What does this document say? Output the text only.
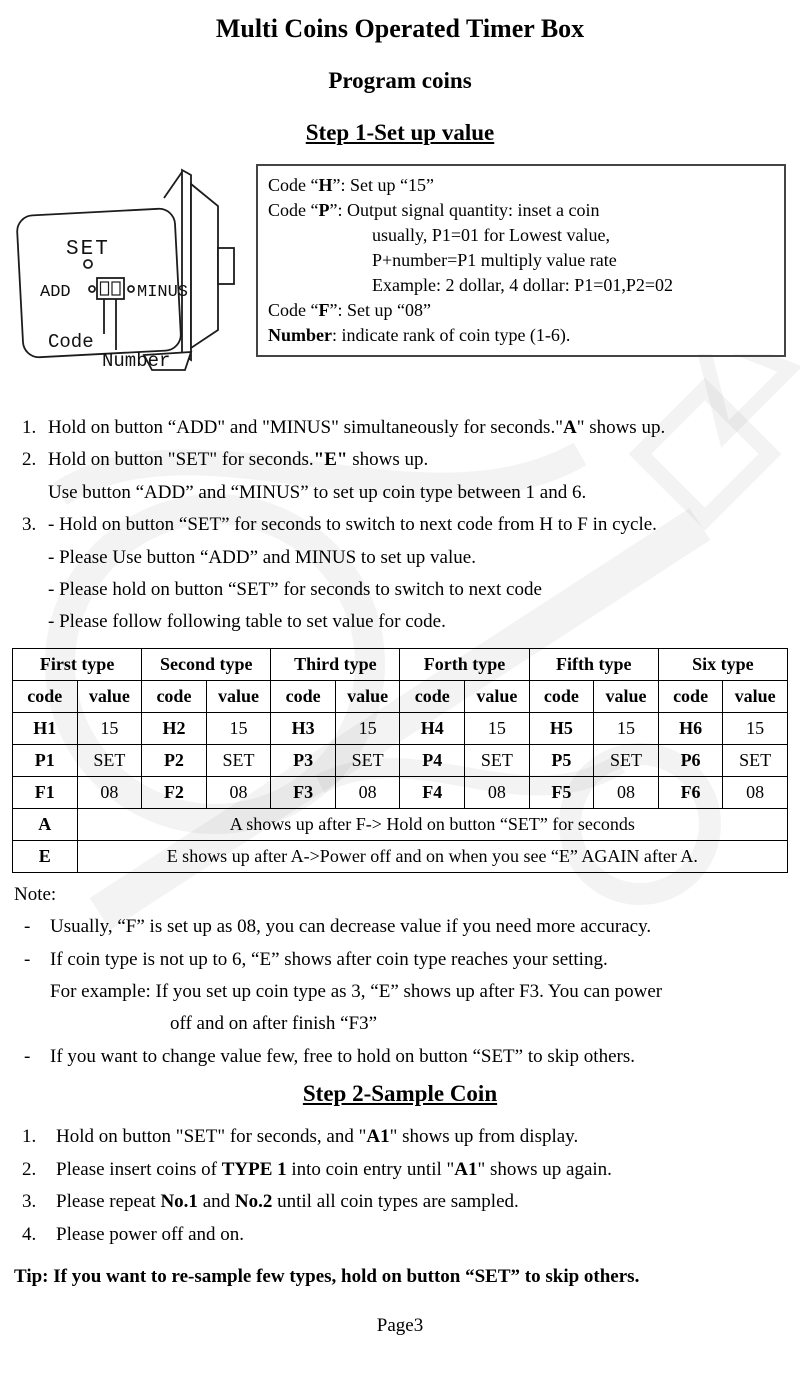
Multi Coins Operated Timer Box
Program coins
Step 1-Set up value
SET
ADD	MINUS
Code
Number
Code “H”: Set up “15”
Code “P”: Output signal quantity: inset a coin
usually, P1=01 for Lowest value,
P+number=P1 multiply value rate
Example: 2 dollar, 4 dollar: P1=01,P2=02
Code “F”: Set up “08”
Number: indicate rank of coin type (1-6).
1. Hold on button “ADD" and "MINUS" simultaneously for seconds."A" shows up.
2. Hold on button "SET" for seconds."E" shows up.
Use button “ADD” and “MINUS” to set up coin type between 1 and 6.
3. - Hold on button “SET” for seconds to switch to next code from H to F in cycle.
- Please Use button “ADD” and MINUS to set up value.
- Please hold on button “SET” for seconds to switch to next code
- Please follow following table to set value for code.
First type		Second type		Third type		Forth type		Fifth type		Six type	
code	value	code	value	code	value	code	value	code	value	code	value
H1	15	H2	15	H3	15	H4	15	H5	15	H6	15
P1	SET	P2	SET	P3	SET	P4	SET	P5	SET	P6	SET
F1	08	F2	08	F3	08	F4	08	F5	08	F6	08
A	A shows up after F-> Hold on button “SET” for seconds										
E	E shows up after A->Power off and on when you see “E” AGAIN after A.										
Note:
- Usually, “F” is set up as 08, you can decrease value if you need more accuracy.
- If coin type is not up to 6, “E” shows after coin type reaches your setting.
For example: If you set up coin type as 3, “E” shows up after F3. You can power
off and on after finish “F3”
- If you want to change value few, free to hold on button “SET” to skip others.
Step 2-Sample Coin
1. Hold on button "SET" for seconds, and "A1" shows up from display.
2. Please insert coins of TYPE 1 into coin entry until "A1" shows up again.
3. Please repeat No.1 and No.2 until all coin types are sampled.
4. Please power off and on.
Tip: If you want to re-sample few types, hold on button “SET” to skip others.
Page3
